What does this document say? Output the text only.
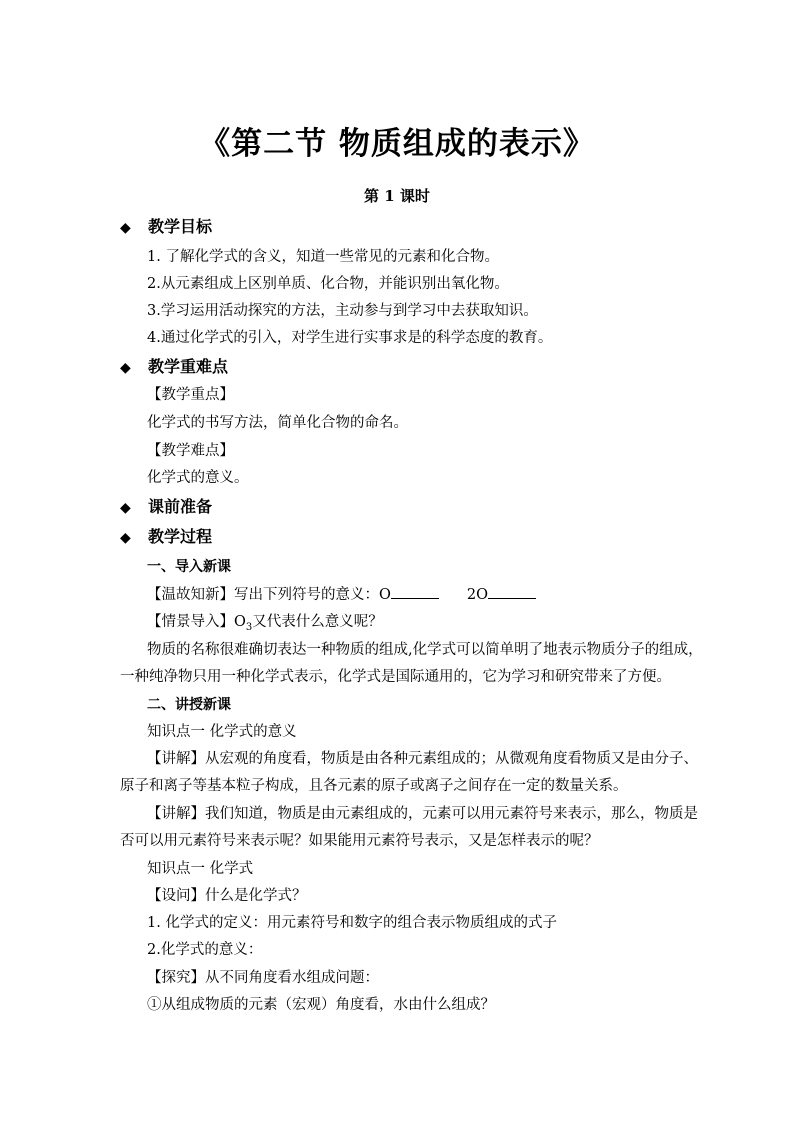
《第二节 物质组成的表示》
第 1 课时
◆ 教学目标
1. 了解化学式的含义，知道一些常见的元素和化合物。
2.从元素组成上区别单质、化合物，并能识别出氧化物。
3.学习运用活动探究的方法，主动参与到学习中去获取知识。
4.通过化学式的引入，对学生进行实事求是的科学态度的教育。
◆ 教学重难点
【教学重点】
化学式的书写方法，简单化合物的命名。
【教学难点】
化学式的意义。
◆ 课前准备
◆ 教学过程
一、导入新课
【温故知新】写出下列符号的意义：O	2O
【情景导入】$O_3$又代表什么意义呢？
物质的名称很难确切表达一种物质的组成,化学式可以简单明了地表示物质分子的组成，
一种纯净物只用一种化学式表示，化学式是国际通用的，它为学习和研究带来了方便。
二、讲授新课
知识点一 化学式的意义
【讲解】从宏观的角度看，物质是由各种元素组成的；从微观角度看物质又是由分子、
原子和离子等基本粒子构成，且各元素的原子或离子之间存在一定的数量关系。
【讲解】我们知道，物质是由元素组成的，元素可以用元素符号来表示，那么，物质是
否可以用元素符号来表示呢？如果能用元素符号表示，又是怎样表示的呢？
知识点一 化学式
【设问】什么是化学式？
1. 化学式的定义：用元素符号和数字的组合表示物质组成的式子
2.化学式的意义：
【探究】从不同角度看水组成问题：
①从组成物质的元素（宏观）角度看，水由什么组成？
